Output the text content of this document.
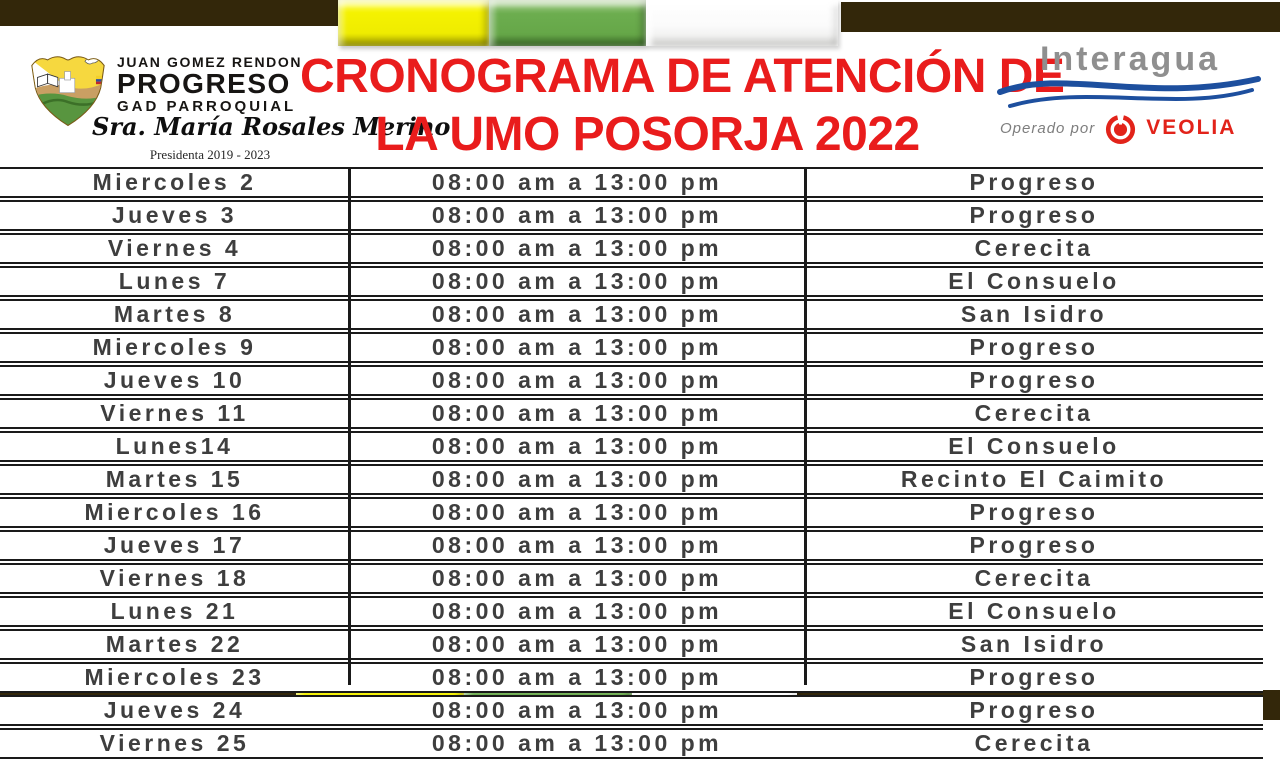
JUAN GOMEZ RENDON
PROGRESO
GAD PARROQUIAL
Sra. María Rosales Merino
Presidenta 2019 - 2023
CRONOGRAMA DE ATENCIÓN DE
LA UMO POSORJA 2022
Interagua
Operado por VEOLIA
Miercoles 2	08:00 am a 13:00 pm	Progreso
Jueves 3	08:00 am a 13:00 pm	Progreso
Viernes 4	08:00 am a 13:00 pm	Cerecita
Lunes 7	08:00 am a 13:00 pm	El Consuelo
Martes 8	08:00 am a 13:00 pm	San Isidro
Miercoles 9	08:00 am a 13:00 pm	Progreso
Jueves 10	08:00 am a 13:00 pm	Progreso
Viernes 11	08:00 am a 13:00 pm	Cerecita
Lunes14	08:00 am a 13:00 pm	El Consuelo
Martes 15	08:00 am a 13:00 pm	Recinto El Caimito
Miercoles 16	08:00 am a 13:00 pm	Progreso
Jueves 17	08:00 am a 13:00 pm	Progreso
Viernes 18	08:00 am a 13:00 pm	Cerecita
Lunes 21	08:00 am a 13:00 pm	El Consuelo
Martes 22	08:00 am a 13:00 pm	San Isidro
Miercoles 23	08:00 am a 13:00 pm	Progreso
Jueves 24	08:00 am a 13:00 pm	Progreso
Viernes 25	08:00 am a 13:00 pm	Cerecita
